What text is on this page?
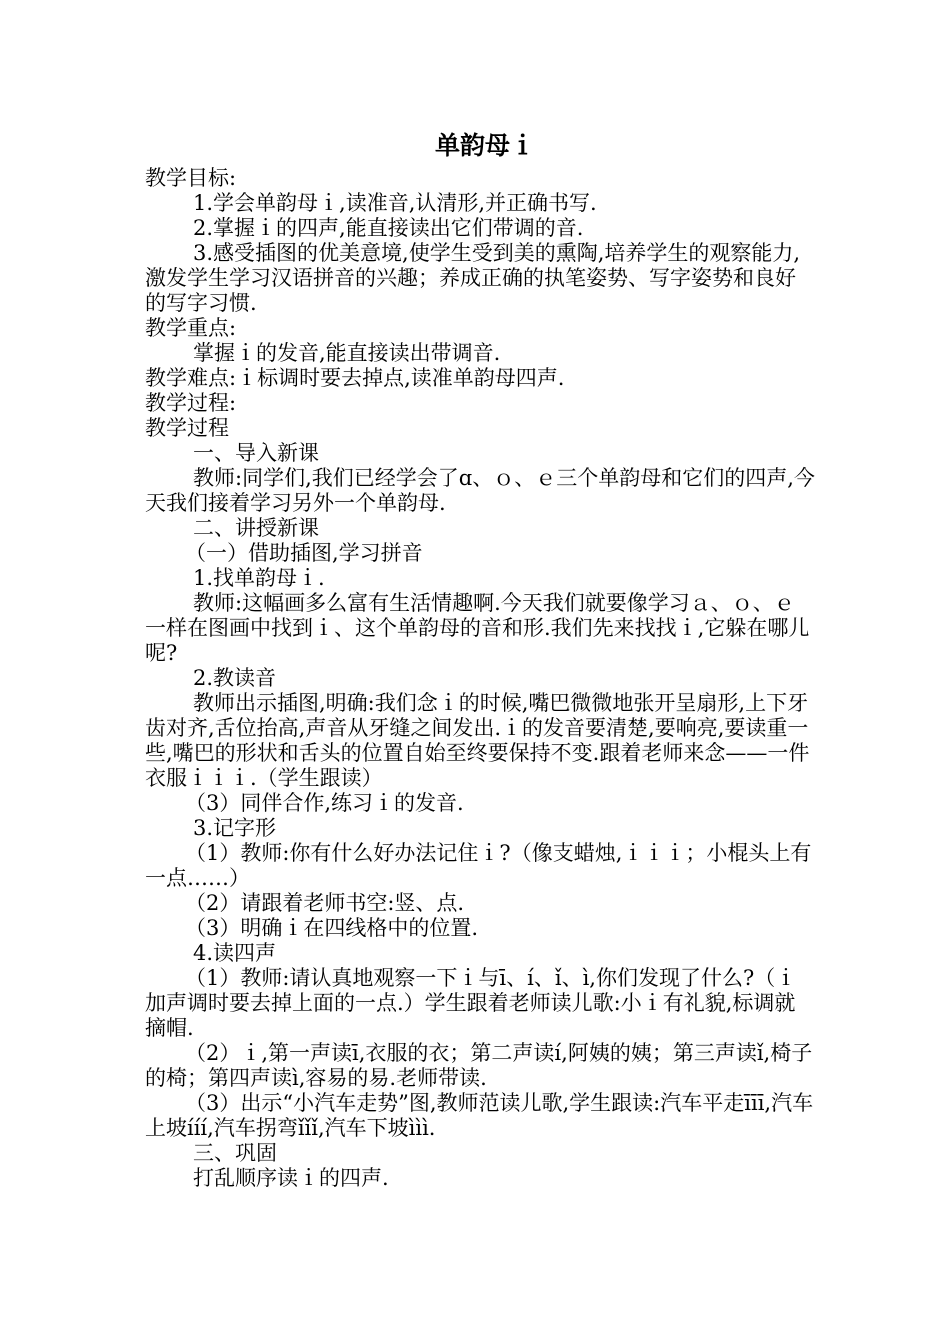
单韵母ｉ

教学目标:

1.学会单韵母ｉ,读准音,认清形,并正确书写.

2.掌握ｉ的四声,能直接读出它们带调的音.

3.感受插图的优美意境,使学生受到美的熏陶,培养学生的观察能力,激发学生学习汉语拼音的兴趣；养成正确的执笔姿势、写字姿势和良好的写字习惯.

教学重点:

掌握ｉ的发音,能直接读出带调音.

教学难点:ｉ标调时要去掉点,读准单韵母四声.

教学过程:

教学过程

一、导入新课

教师:同学们,我们已经学会了ɑ、ｏ、ｅ三个单韵母和它们的四声,今天我们接着学习另外一个单韵母.

二、讲授新课

（一）借助插图,学习拼音

1.找单韵母ｉ.

教师:这幅画多么富有生活情趣啊.今天我们就要像学习ａ、ｏ、ｅ一样在图画中找到ｉ、这个单韵母的音和形.我们先来找找ｉ,它躲在哪儿呢?

2.教读音

教师出示插图,明确:我们念ｉ的时候,嘴巴微微地张开呈扇形,上下牙齿对齐,舌位抬高,声音从牙缝之间发出.ｉ的发音要清楚,要响亮,要读重一些,嘴巴的形状和舌头的位置自始至终要保持不变.跟着老师来念——一件衣服ｉｉｉ.（学生跟读）

（3）同伴合作,练习ｉ的发音.

3.记字形

（1）教师:你有什么好办法记住ｉ?（像支蜡烛,ｉｉｉ；小棍头上有一点……）

（2）请跟着老师书空:竖、点.

（3）明确ｉ在四线格中的位置.

4.读四声

（1）教师:请认真地观察一下ｉ与ī、í、ǐ、ì,你们发现了什么?（ｉ加声调时要去掉上面的一点.）学生跟着老师读儿歌:小ｉ有礼貌,标调就摘帽.

（2）ｉ,第一声读ī,衣服的衣；第二声读í,阿姨的姨；第三声读ǐ,椅子的椅；第四声读ì,容易的易.老师带读.

（3）出示“小汽车走势”图,教师范读儿歌,学生跟读:汽车平走īīī,汽车上坡ííí,汽车拐弯ǐǐǐ,汽车下坡ììì.

三、巩固

打乱顺序读ｉ的四声.
